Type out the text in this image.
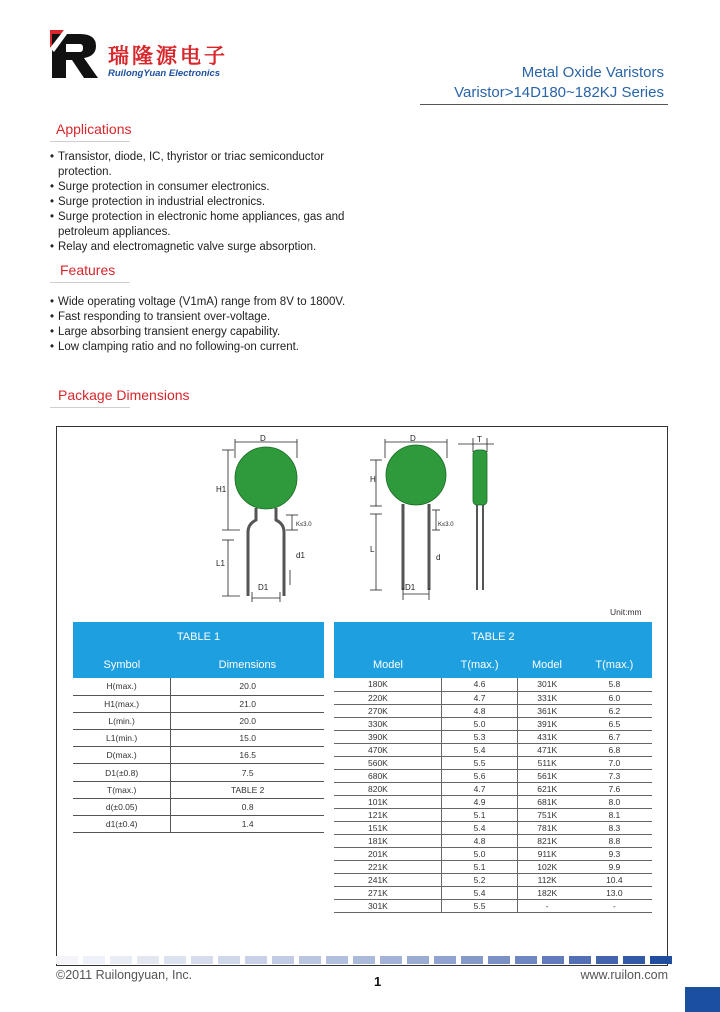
瑞隆源电子
RuilongYuan Electronics	Metal Oxide Varistors
Varistor>14D180~182KJ Series
Applications
• Transistor, diode, IC, thyristor or triac semiconductor protection.
• Surge protection in consumer electronics.
• Surge protection in industrial electronics.
• Surge protection in electronic home appliances, gas and petroleum appliances.
• Relay and electromagnetic valve surge absorption.
Features
• Wide operating voltage (V1mA) range from 8V to 1800V.
• Fast responding to transient over-voltage.
• Large absorbing transient energy capability.
• Low clamping ratio and no following-on current.
Package Dimensions
D
H1
L1
D1
d1
K≤3.0
D
H
L
D1
d
K≤3.0
T
Unit:mm
TABLE 1	
Symbol	Dimensions
H(max.)	20.0
H1(max.)	21.0
L(min.)	20.0
L1(min.)	15.0
D(max.)	16.5
D1(±0.8)	7.5
T(max.)	TABLE 2
d(±0.05)	0.8
d1(±0.4)	1.4
TABLE 2			
Model	T(max.)	Model	T(max.)
180K	4.6	301K	5.8
220K	4.7	331K	6.0
270K	4.8	361K	6.2
330K	5.0	391K	6.5
390K	5.3	431K	6.7
470K	5.4	471K	6.8
560K	5.5	511K	7.0
680K	5.6	561K	7.3
820K	4.7	621K	7.6
101K	4.9	681K	8.0
121K	5.1	751K	8.1
151K	5.4	781K	8.3
181K	4.8	821K	8.8
201K	5.0	911K	9.3
221K	5.1	102K	9.9
241K	5.2	112K	10.4
271K	5.4	182K	13.0
301K	5.5	-	-
©2011 Ruilongyuan, Inc.	1	www.ruilon.com
